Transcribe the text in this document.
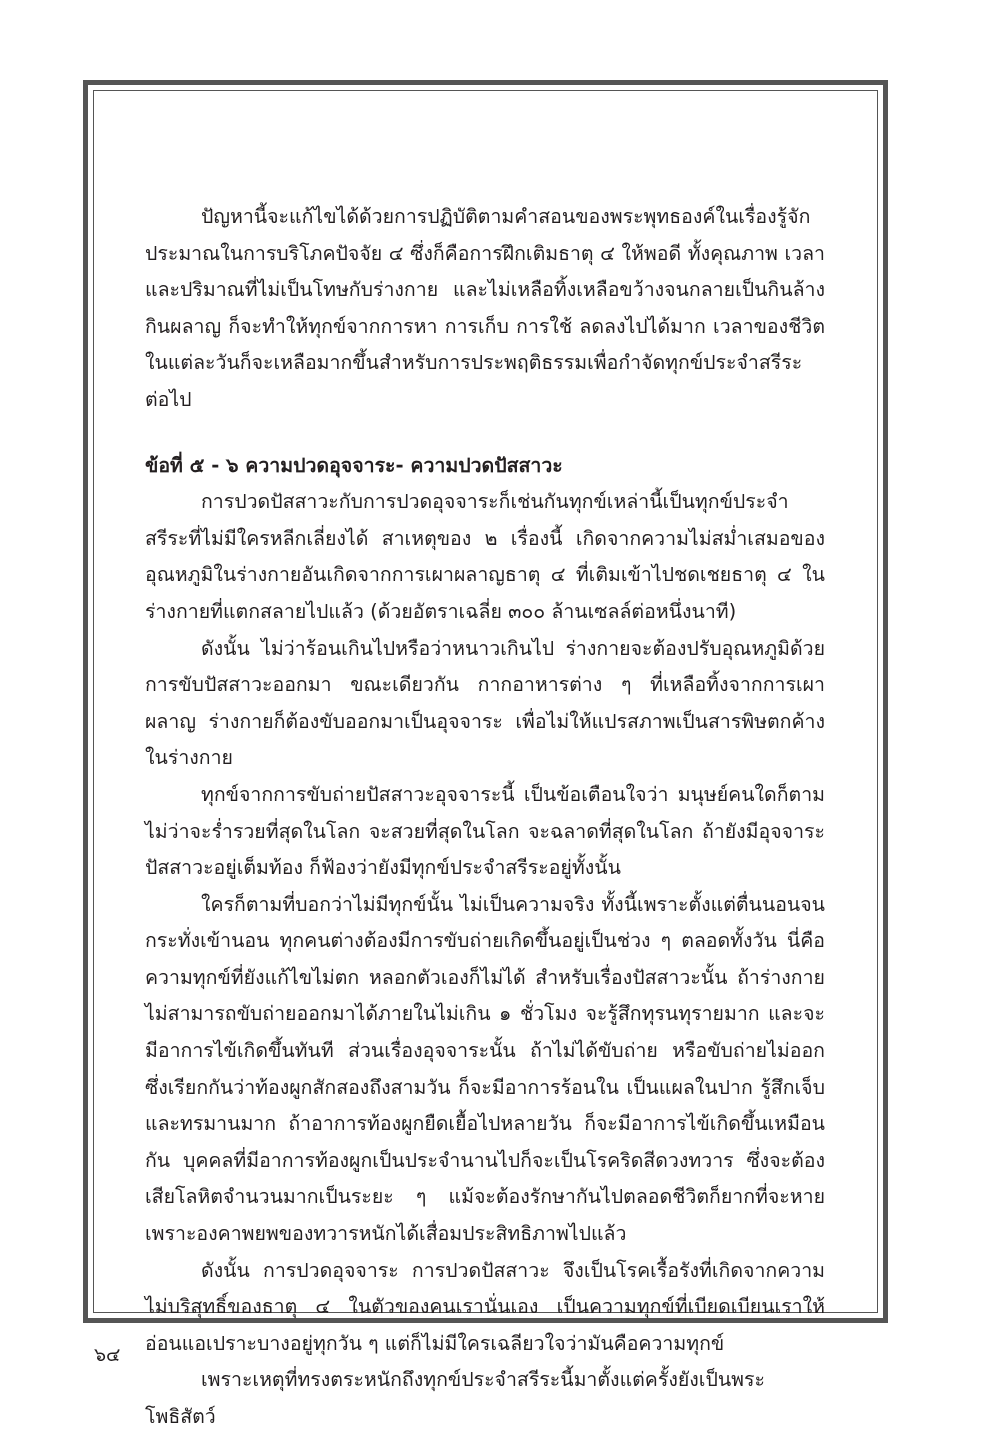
ปัญหานี้จะแก้ไขได้ด้วยการปฏิบัติตามคำสอนของพระพุทธองค์ในเรื่องรู้จักประมาณในการบริโภคปัจจัย ๔ ซึ่งก็คือการฝึกเติมธาตุ ๔ ให้พอดี ทั้งคุณภาพ เวลา และปริมาณที่ไม่เป็นโทษกับร่างกาย และไม่เหลือทิ้งเหลือขว้างจนกลายเป็นกินล้างกินผลาญ ก็จะทำให้ทุกข์จากการหา การเก็บ การใช้ ลดลงไปได้มาก เวลาของชีวิตในแต่ละวันก็จะเหลือมากขึ้นสำหรับการประพฤติธรรมเพื่อกำจัดทุกข์ประจำสรีระต่อไป

ข้อที่ ๕ - ๖ ความปวดอุจจาระ- ความปวดปัสสาวะ

การปวดปัสสาวะกับการปวดอุจจาระก็เช่นกันทุกข์เหล่านี้เป็นทุกข์ประจำสรีระที่ไม่มีใครหลีกเลี่ยงได้ สาเหตุของ ๒ เรื่องนี้ เกิดจากความไม่สม่ำเสมอของอุณหภูมิในร่างกายอันเกิดจากการเผาผลาญธาตุ ๔ ที่เติมเข้าไปชดเชยธาตุ ๔ ในร่างกายที่แตกสลายไปแล้ว (ด้วยอัตราเฉลี่ย ๓๐๐ ล้านเซลล์ต่อหนึ่งนาที)

ดังนั้น ไม่ว่าร้อนเกินไปหรือว่าหนาวเกินไป ร่างกายจะต้องปรับอุณหภูมิด้วยการขับปัสสาวะออกมา ขณะเดียวกัน กากอาหารต่าง ๆ ที่เหลือทิ้งจากการเผาผลาญ ร่างกายก็ต้องขับออกมาเป็นอุจจาระ เพื่อไม่ให้แปรสภาพเป็นสารพิษตกค้างในร่างกาย

ทุกข์จากการขับถ่ายปัสสาวะอุจจาระนี้ เป็นข้อเตือนใจว่า มนุษย์คนใดก็ตาม ไม่ว่าจะร่ำรวยที่สุดในโลก จะสวยที่สุดในโลก จะฉลาดที่สุดในโลก ถ้ายังมีอุจจาระปัสสาวะอยู่เต็มท้อง ก็ฟ้องว่ายังมีทุกข์ประจำสรีระอยู่ทั้งนั้น

ใครก็ตามที่บอกว่าไม่มีทุกข์นั้น ไม่เป็นความจริง ทั้งนี้เพราะตั้งแต่ตื่นนอนจนกระทั่งเข้านอน ทุกคนต่างต้องมีการขับถ่ายเกิดขึ้นอยู่เป็นช่วง ๆ ตลอดทั้งวัน นี่คือความทุกข์ที่ยังแก้ไขไม่ตก หลอกตัวเองก็ไม่ได้ สำหรับเรื่องปัสสาวะนั้น ถ้าร่างกายไม่สามารถขับถ่ายออกมาได้ภายในไม่เกิน ๑ ชั่วโมง จะรู้สึกทุรนทุรายมาก และจะมีอาการไข้เกิดขึ้นทันที ส่วนเรื่องอุจจาระนั้น ถ้าไม่ได้ขับถ่าย หรือขับถ่ายไม่ออก ซึ่งเรียกกันว่าท้องผูกสักสองถึงสามวัน ก็จะมีอาการร้อนใน เป็นแผลในปาก รู้สึกเจ็บและทรมานมาก ถ้าอาการท้องผูกยืดเยื้อไปหลายวัน ก็จะมีอาการไข้เกิดขึ้นเหมือนกัน บุคคลที่มีอาการท้องผูกเป็นประจำนานไปก็จะเป็นโรคริดสีดวงทวาร ซึ่งจะต้องเสียโลหิตจำนวนมากเป็นระยะ ๆ แม้จะต้องรักษากันไปตลอดชีวิตก็ยากที่จะหาย เพราะองคาพยพของทวารหนักได้เสื่อมประสิทธิภาพไปแล้ว

ดังนั้น การปวดอุจจาระ การปวดปัสสาวะ จึงเป็นโรคเรื้อรังที่เกิดจากความไม่บริสุทธิ์ของธาตุ ๔ ในตัวของคนเรานั่นเอง เป็นความทุกข์ที่เบียดเบียนเราให้อ่อนแอเปราะบางอยู่ทุกวัน ๆ แต่ก็ไม่มีใครเฉลียวใจว่ามันคือความทุกข์

เพราะเหตุที่ทรงตระหนักถึงทุกข์ประจำสรีระนี้มาตั้งแต่ครั้งยังเป็นพระโพธิสัตว์

๖๔
